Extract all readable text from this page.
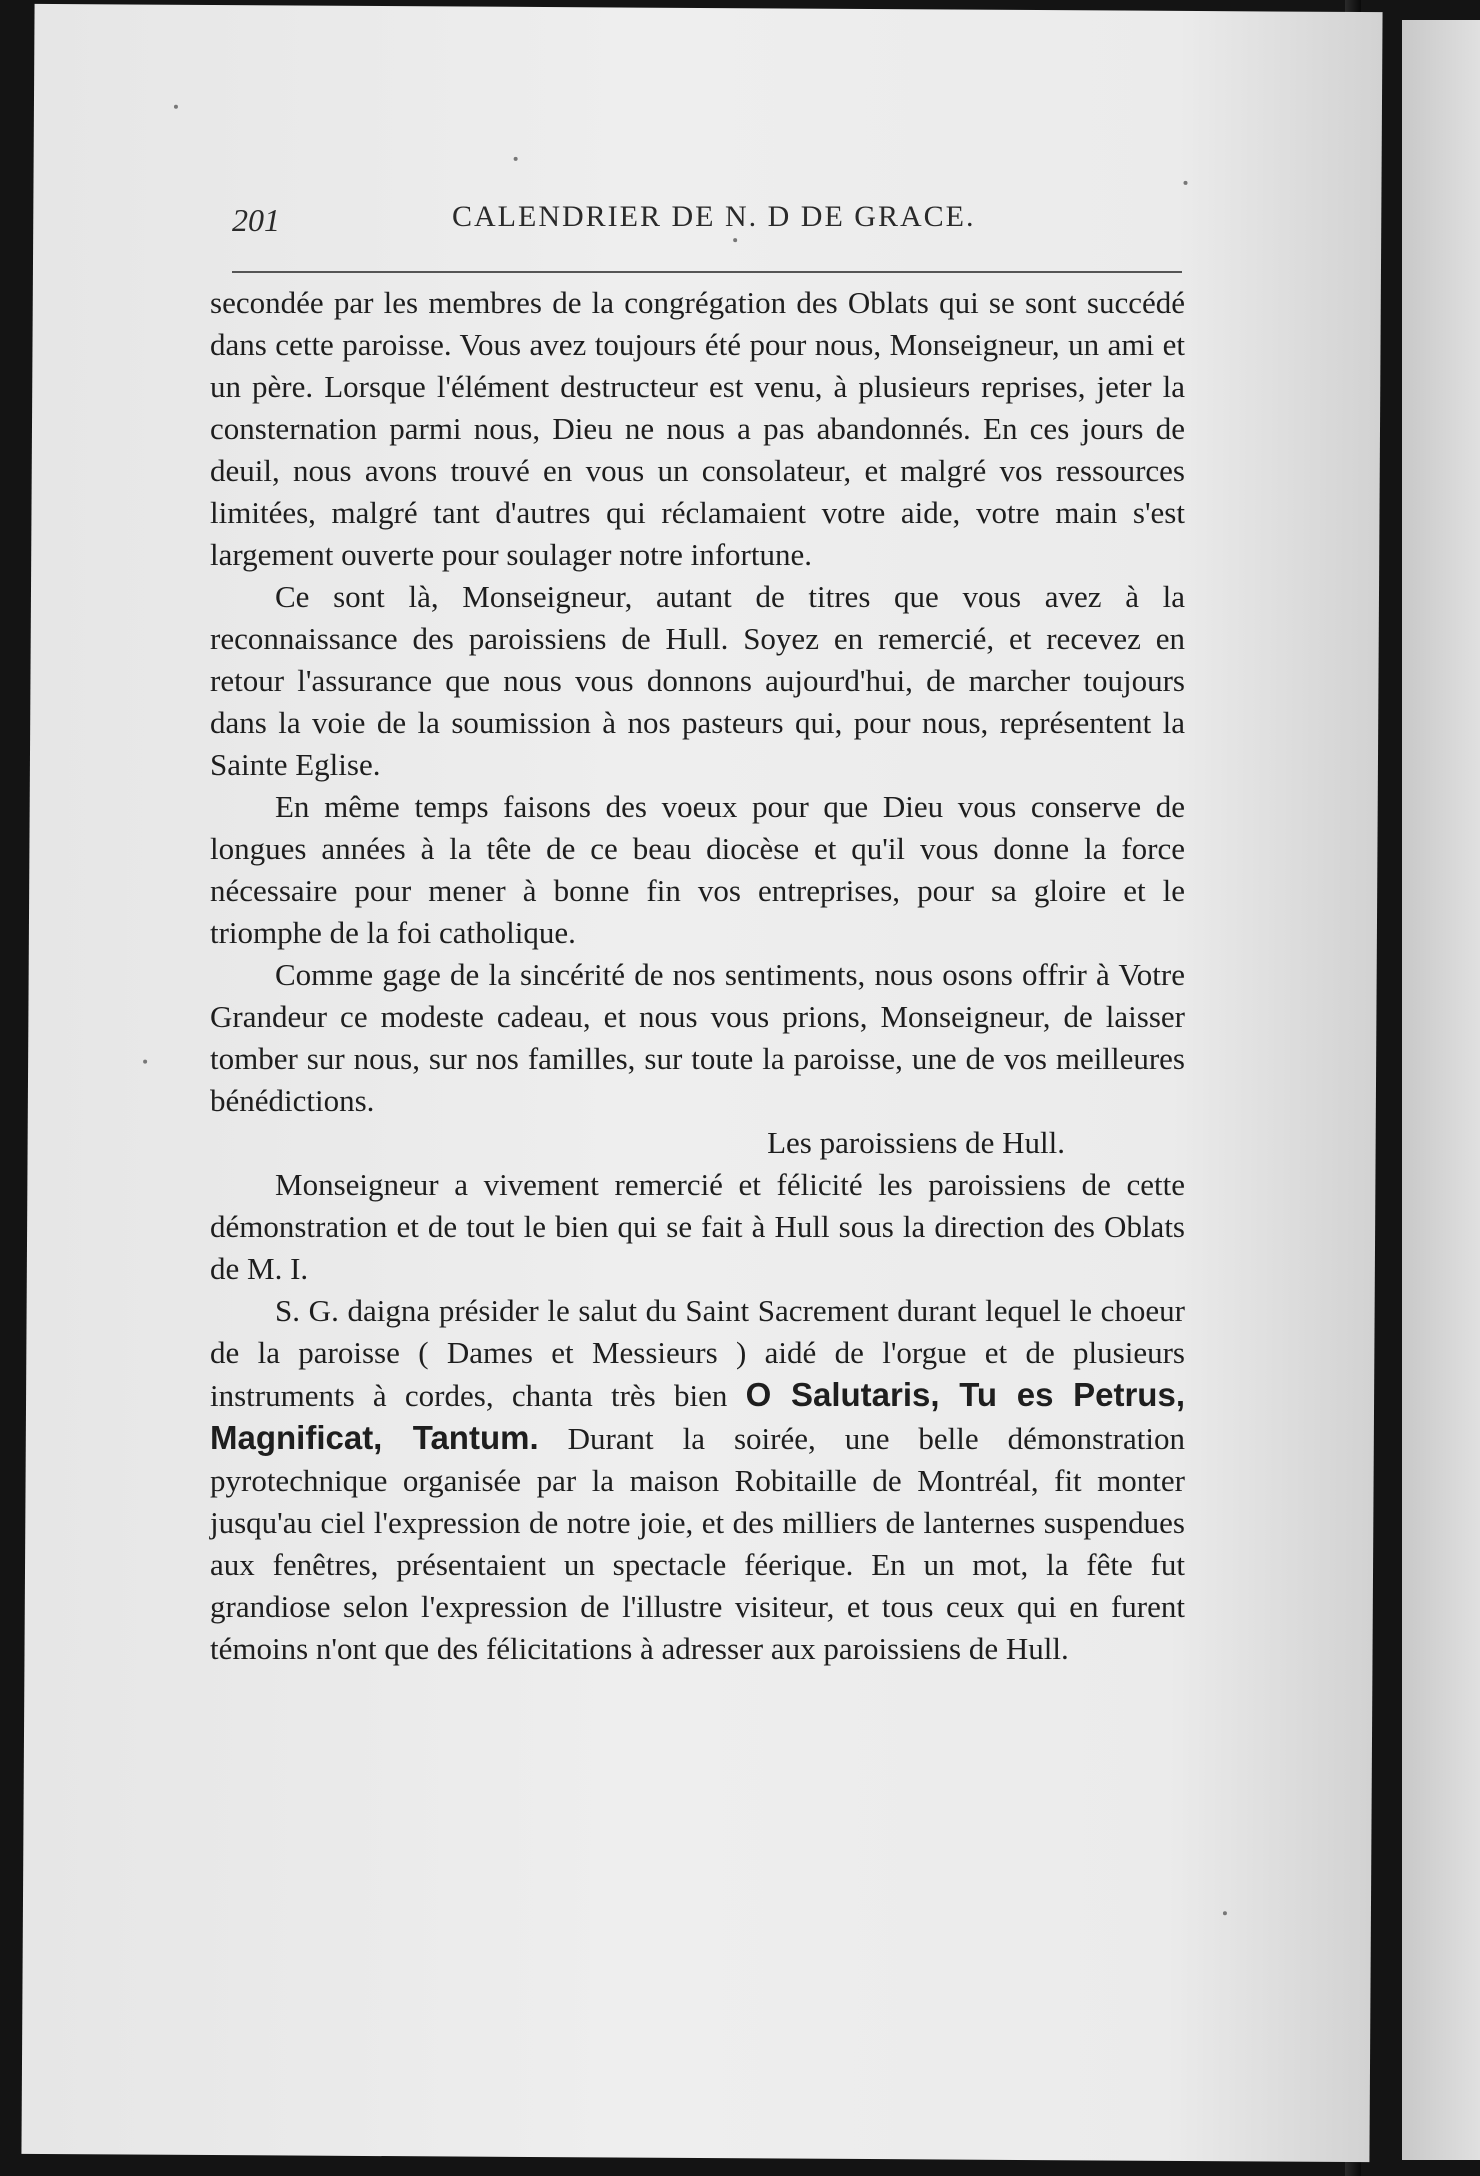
201	CALENDRIER DE N. D DE GRACE.

secondée par les membres de la congrégation des Oblats qui se sont succédé dans cette paroisse. Vous avez toujours été pour nous, Monseigneur, un ami et un père. Lorsque l'élément destructeur est venu, à plusieurs reprises, jeter la consternation parmi nous, Dieu ne nous a pas abandonnés. En ces jours de deuil, nous avons trouvé en vous un consolateur, et malgré vos ressources limitées, malgré tant d'autres qui réclamaient votre aide, votre main s'est largement ouverte pour soulager notre infortune.

Ce sont là, Monseigneur, autant de titres que vous avez à la reconnaissance des paroissiens de Hull. Soyez en remercié, et recevez en retour l'assurance que nous vous donnons aujourd'hui, de marcher toujours dans la voie de la soumission à nos pasteurs qui, pour nous, représentent la Sainte Eglise.

En même temps faisons des voeux pour que Dieu vous conserve de longues années à la tête de ce beau diocèse et qu'il vous donne la force nécessaire pour mener à bonne fin vos entreprises, pour sa gloire et le triomphe de la foi catholique.

Comme gage de la sincérité de nos sentiments, nous osons offrir à Votre Grandeur ce modeste cadeau, et nous vous prions, Monseigneur, de laisser tomber sur nous, sur nos familles, sur toute la paroisse, une de vos meilleures bénédictions.

Les paroissiens de Hull.

Monseigneur a vivement remercié et félicité les paroissiens de cette démonstration et de tout le bien qui se fait à Hull sous la direction des Oblats de M. I.

S. G. daigna présider le salut du Saint Sacrement durant lequel le choeur de la paroisse ( Dames et Messieurs ) aidé de l'orgue et de plusieurs instruments à cordes, chanta très bien O Salutaris, Tu es Petrus, Magnificat, Tantum. Durant la soirée, une belle démonstration pyrotechnique organisée par la maison Robitaille de Montréal, fit monter jusqu'au ciel l'expression de notre joie, et des milliers de lanternes suspendues aux fenêtres, présentaient un spectacle féerique. En un mot, la fête fut grandiose selon l'expression de l'illustre visiteur, et tous ceux qui en furent témoins n'ont que des félicitations à adresser aux paroissiens de Hull.
